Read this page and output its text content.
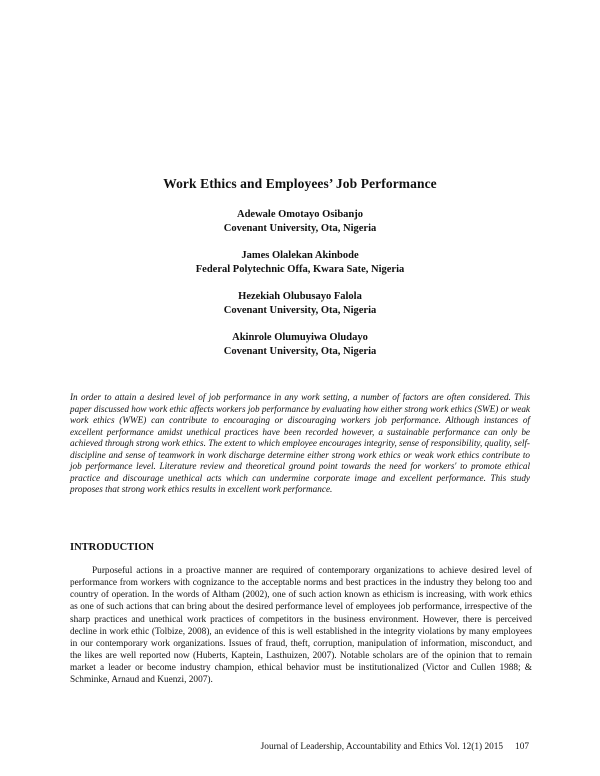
Work Ethics and Employees’ Job Performance
Adewale Omotayo Osibanjo
Covenant University, Ota, Nigeria
James Olalekan Akinbode
Federal Polytechnic Offa, Kwara Sate, Nigeria
Hezekiah Olubusayo Falola
Covenant University, Ota, Nigeria
Akinrole Olumuyiwa Oludayo
Covenant University, Ota, Nigeria

In order to attain a desired level of job performance in any work setting, a number of factors are often considered. This paper discussed how work ethic affects workers job performance by evaluating how either strong work ethics (SWE) or weak work ethics (WWE) can contribute to encouraging or discouraging workers job performance. Although instances of excellent performance amidst unethical practices have been recorded however, a sustainable performance can only be achieved through strong work ethics. The extent to which employee encourages integrity, sense of responsibility, quality, self-discipline and sense of teamwork in work discharge determine either strong work ethics or weak work ethics contribute to job performance level. Literature review and theoretical ground point towards the need for workers' to promote ethical practice and discourage unethical acts which can undermine corporate image and excellent performance. This study proposes that strong work ethics results in excellent work performance.

INTRODUCTION

Purposeful actions in a proactive manner are required of contemporary organizations to achieve desired level of performance from workers with cognizance to the acceptable norms and best practices in the industry they belong too and country of operation. In the words of Altham (2002), one of such action known as ethicism is increasing, with work ethics as one of such actions that can bring about the desired performance level of employees job performance, irrespective of the sharp practices and unethical work practices of competitors in the business environment. However, there is perceived decline in work ethic (Tolbize, 2008), an evidence of this is well established in the integrity violations by many employees in our contemporary work organizations. Issues of fraud, theft, corruption, manipulation of information, misconduct, and the likes are well reported now (Huberts, Kaptein, Lasthuizen, 2007). Notable scholars are of the opinion that to remain market a leader or become industry champion, ethical behavior must be institutionalized (Victor and Cullen 1988; & Schminke, Arnaud and Kuenzi, 2007).

Journal of Leadership, Accountability and Ethics Vol. 12(1) 2015 107
